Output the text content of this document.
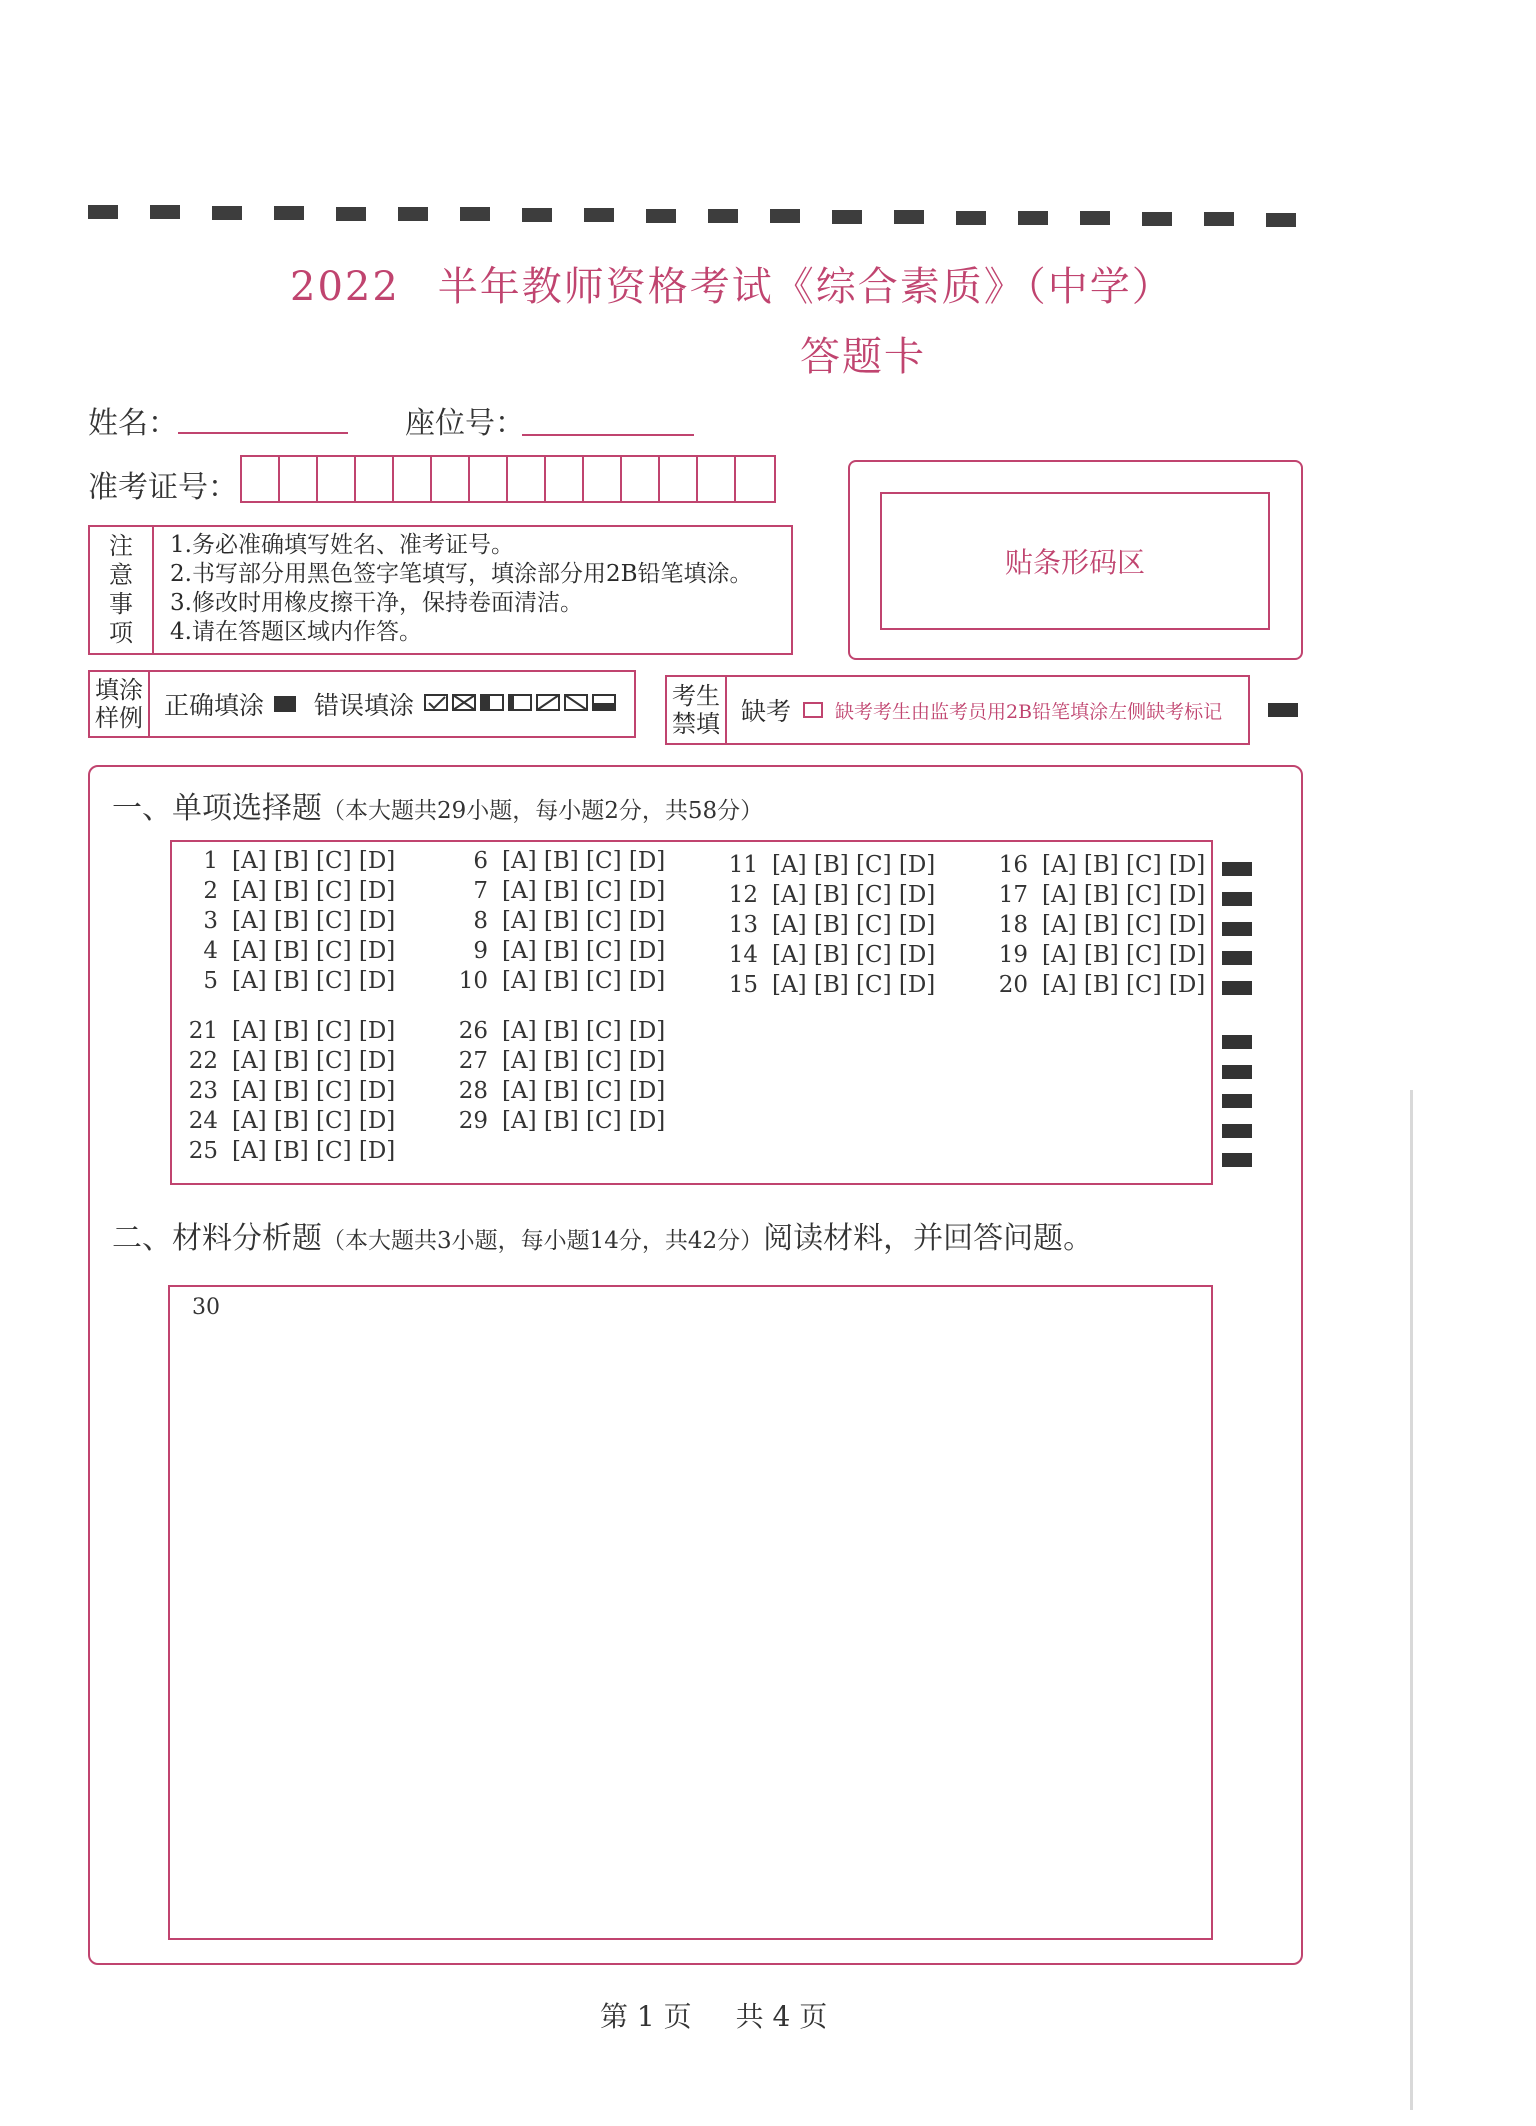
2022 半年教师资格考试《综合素质》（中学）
答题卡
姓名：	座位号：
准考证号：
注
意
事
项
1.务必准确填写姓名、准考证号。
2.书写部分用黑色签字笔填写，填涂部分用2B铅笔填涂。
3.修改时用橡皮擦干净，保持卷面清洁。
4.请在答题区域内作答。
贴条形码区
填涂
样例 正确填涂 错误填涂	考生
禁填 缺考 缺考考生由监考员用2B铅笔填涂左侧缺考标记
一、单项选择题（本大题共29小题，每小题2分，共58分）
1 [A] [B] [C] [D]
2 [A] [B] [C] [D]
3 [A] [B] [C] [D]
4 [A] [B] [C] [D]
5 [A] [B] [C] [D]
6 [A] [B] [C] [D]
7 [A] [B] [C] [D]
8 [A] [B] [C] [D]
9 [A] [B] [C] [D]
10 [A] [B] [C] [D]
11 [A] [B] [C] [D]
12 [A] [B] [C] [D]
13 [A] [B] [C] [D]
14 [A] [B] [C] [D]
15 [A] [B] [C] [D]
16 [A] [B] [C] [D]
17 [A] [B] [C] [D]
18 [A] [B] [C] [D]
19 [A] [B] [C] [D]
20 [A] [B] [C] [D]
21 [A] [B] [C] [D]
22 [A] [B] [C] [D]
23 [A] [B] [C] [D]
24 [A] [B] [C] [D]
25 [A] [B] [C] [D]
26 [A] [B] [C] [D]
27 [A] [B] [C] [D]
28 [A] [B] [C] [D]
29 [A] [B] [C] [D]
二、材料分析题（本大题共3小题，每小题14分，共42分）阅读材料，并回答问题。
30
第 1 页 共 4 页
